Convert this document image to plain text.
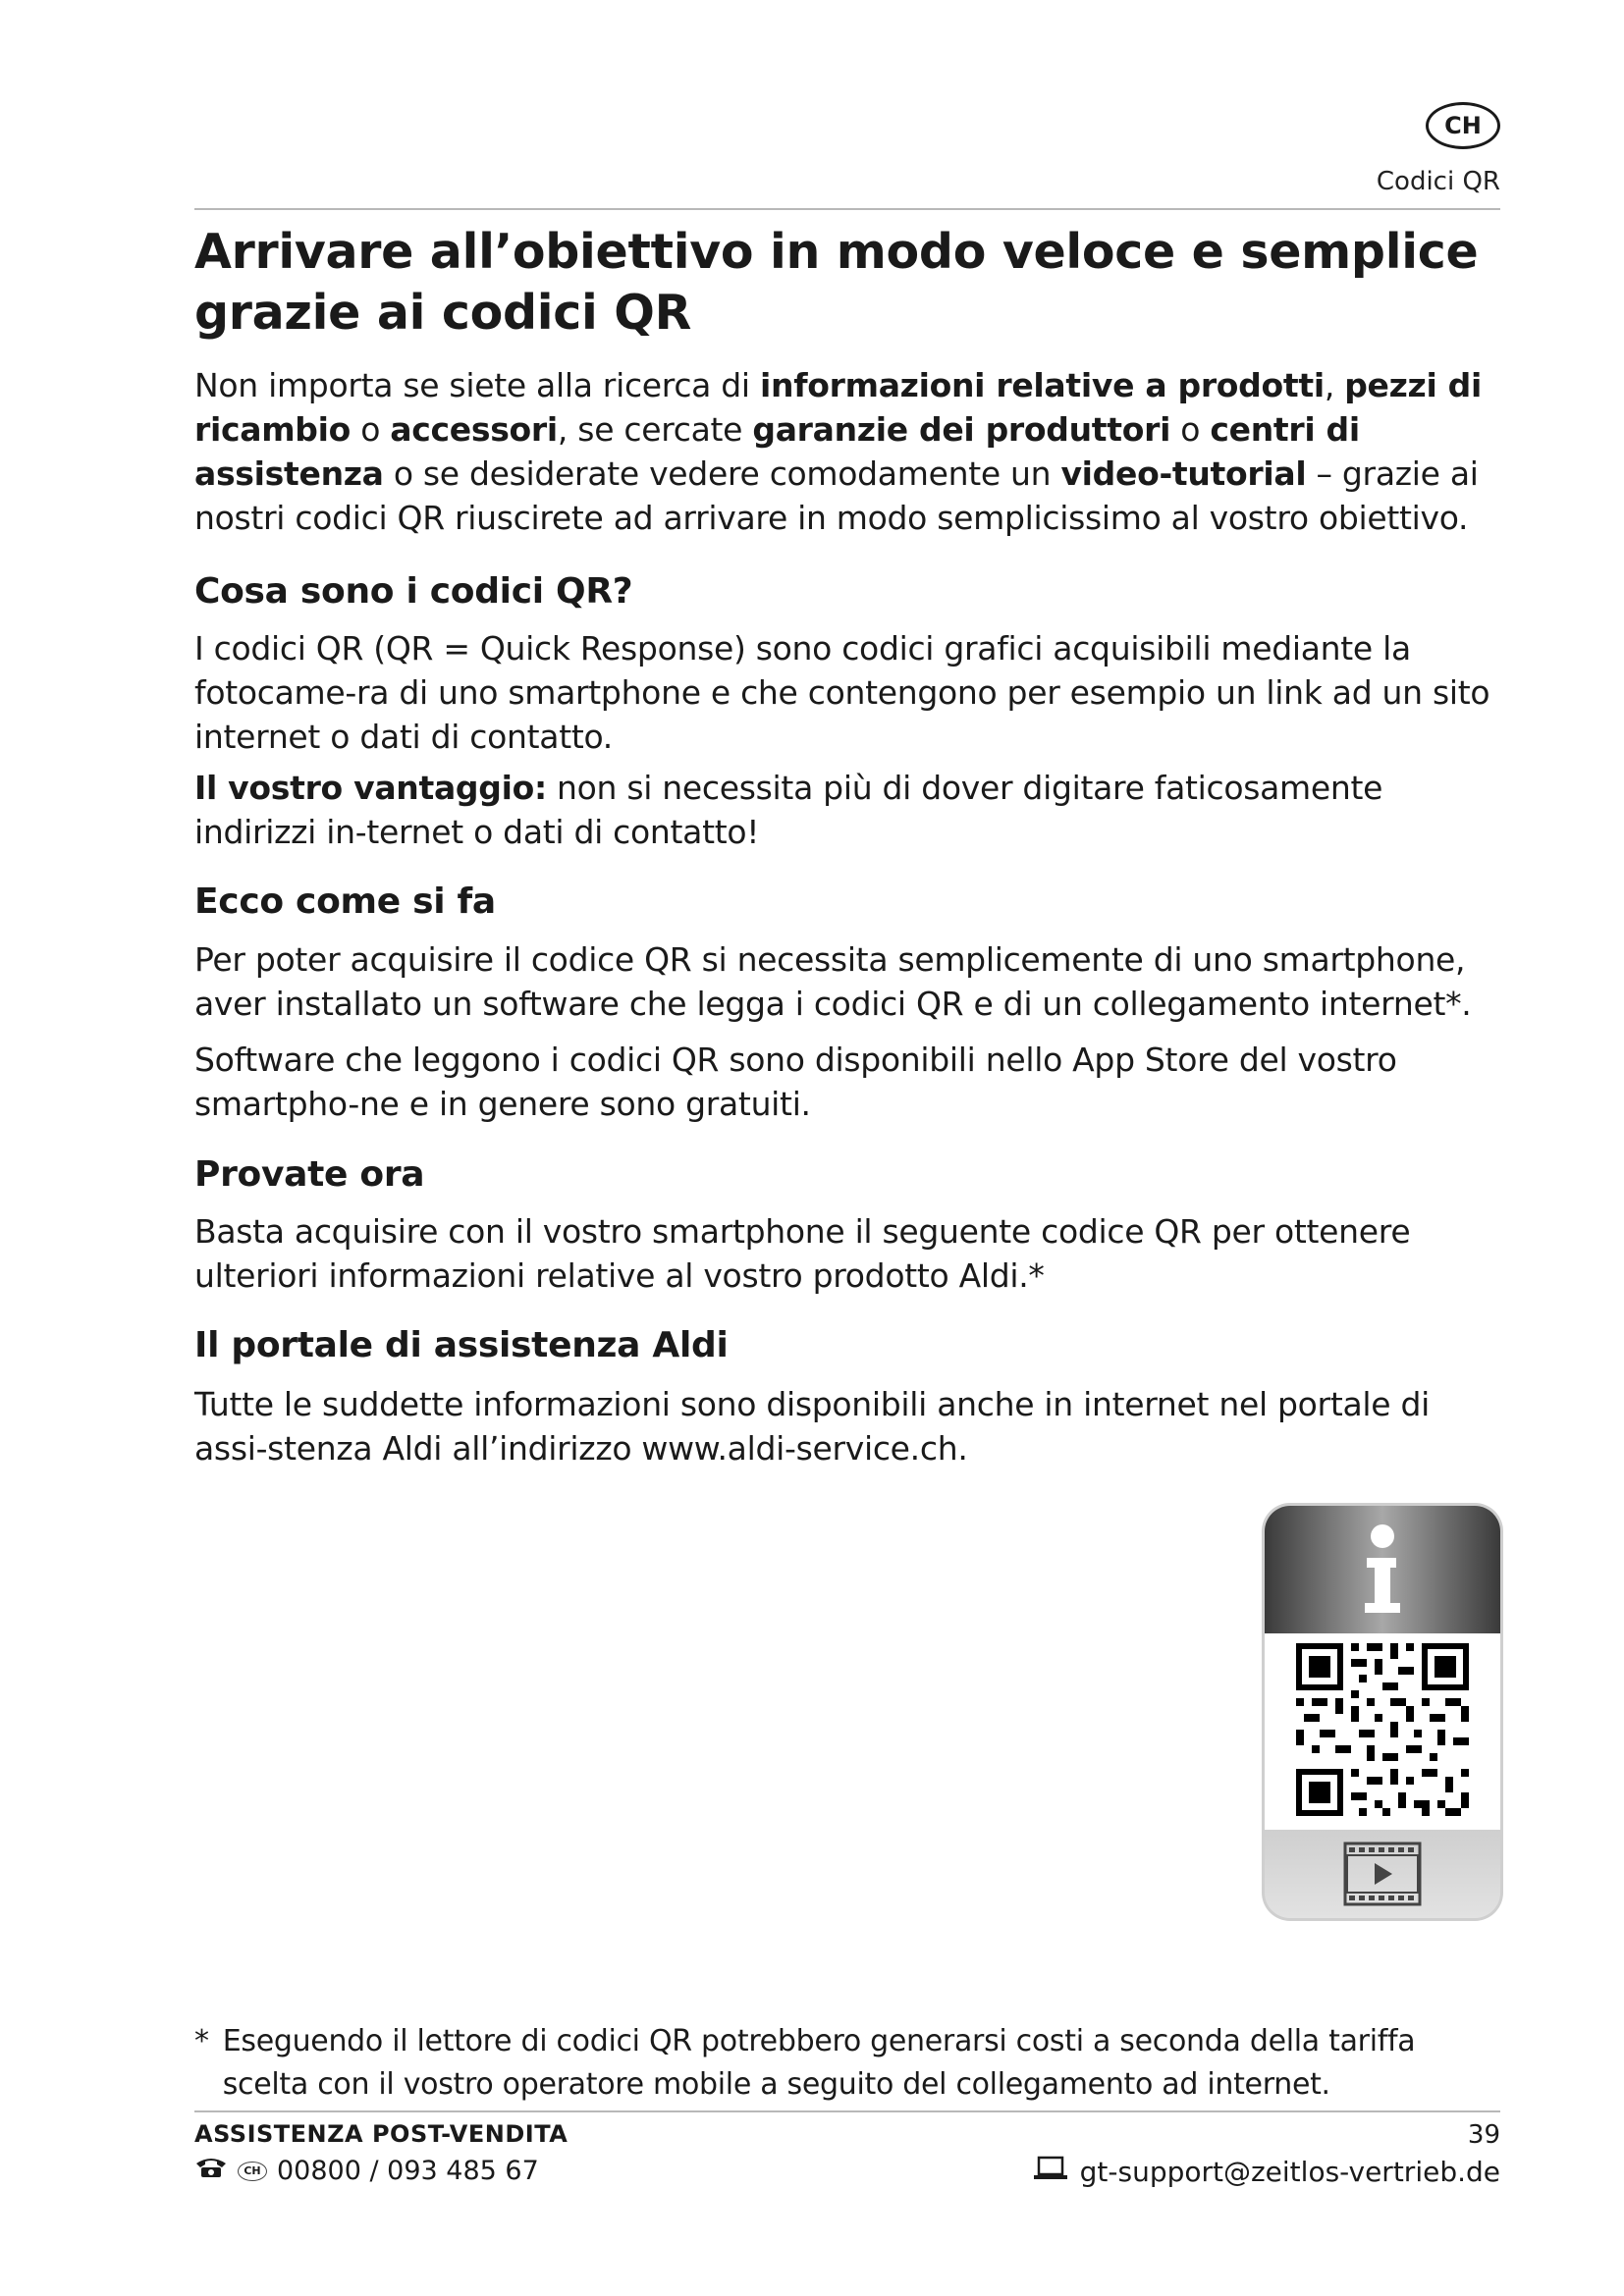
CH
Codici QR
Arrivare all’obiettivo in modo veloce e semplice grazie ai codici QR

Non importa se siete alla ricerca di informazioni relative a prodotti, pezzi di ricambio o accessori, se cercate garanzie dei produttori o centri di assistenza o se desiderate vedere comodamente un video-tutorial – grazie ai nostri codici QR riuscirete ad arrivare in modo semplicissimo al vostro obiettivo.

Cosa sono i codici QR?

I codici QR (QR = Quick Response) sono codici grafici acquisibili mediante la fotocame-ra di uno smartphone e che contengono per esempio un link ad un sito internet o dati di contatto.

Il vostro vantaggio: non si necessita più di dover digitare faticosamente indirizzi in-ternet o dati di contatto!

Ecco come si fa

Per poter acquisire il codice QR si necessita semplicemente di uno smartphone, aver installato un software che legga i codici QR e di un collegamento internet*.

Software che leggono i codici QR sono disponibili nello App Store del vostro smartpho-ne e in genere sono gratuiti.

Provate ora

Basta acquisire con il vostro smartphone il seguente codice QR per ottenere ulteriori informazioni relative al vostro prodotto Aldi.*

Il portale di assistenza Aldi

Tutte le suddette informazioni sono disponibili anche in internet nel portale di assi-stenza Aldi all’indirizzo www.aldi-service.ch.

* Eseguendo il lettore di codici QR potrebbero generarsi costi a seconda della tariffa scelta con il vostro operatore mobile a seguito del collegamento ad internet.
ASSISTENZA POST-VENDITA	39
CH 00800 / 093 485 67	gt-support@zeitlos-vertrieb.de
